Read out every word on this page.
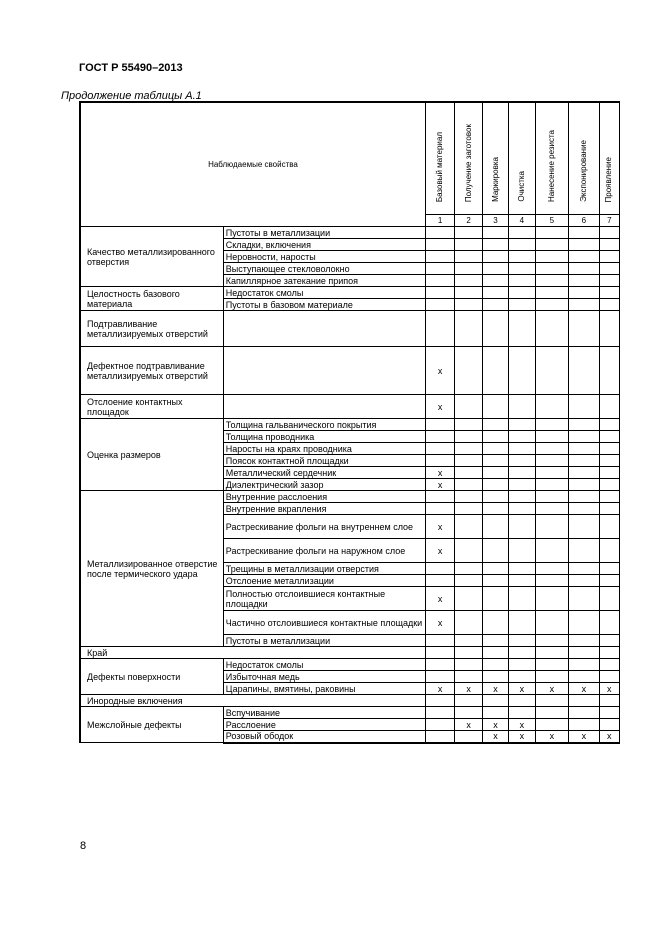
ГОСТ Р 55490–2013
Продолжение таблицы А.1
Наблюдаемые свойства		Базовый материал	Получение заготовок	Маркировка	Очистка	Нанесение резиста	Экспонирование	Проявление
		1	2	3	4	5	6	7
Качество металлизированного отверстия	Пустоты в металлизации							
	Складки, включения							
	Неровности, наросты							
	Выступающее стекловолокно							
	Капиллярное затекание припоя							
Целостность базового материала	Недостаток смолы							
	Пустоты в базовом материале							
Подтравливание металлизируемых отверстий								
Дефектное подтравливание металлизируемых отверстий		x						
Отслоение контактных площадок		x						
Оценка размеров	Толщина гальванического покрытия							
	Толщина проводника							
	Наросты на краях проводника							
	Поясок контактной площадки							
	Металлический сердечник	x						
	Диэлектрический зазор	x						
Металлизированное отверстие после термического удара	Внутренние расслоения							
	Внутренние вкрапления							
	Растрескивание фольги на внутреннем слое	x						
	Растрескивание фольги на наружном слое	x						
	Трещины в металлизации отверстия							
	Отслоение металлизации							
	Полностью отслоившиеся контактные площадки	x						
	Частично отслоившиеся контактные площадки	x						
	Пустоты в металлизации							
Край								
Дефекты поверхности	Недостаток смолы							
	Избыточная медь							
	Царапины, вмятины, раковины	x	x	x	x	x	x	x
Инородные включения								
Межслойные дефекты	Вспучивание							
	Расслоение		x	x	x			
	Розовый ободок			x	x	x	x	x
8
